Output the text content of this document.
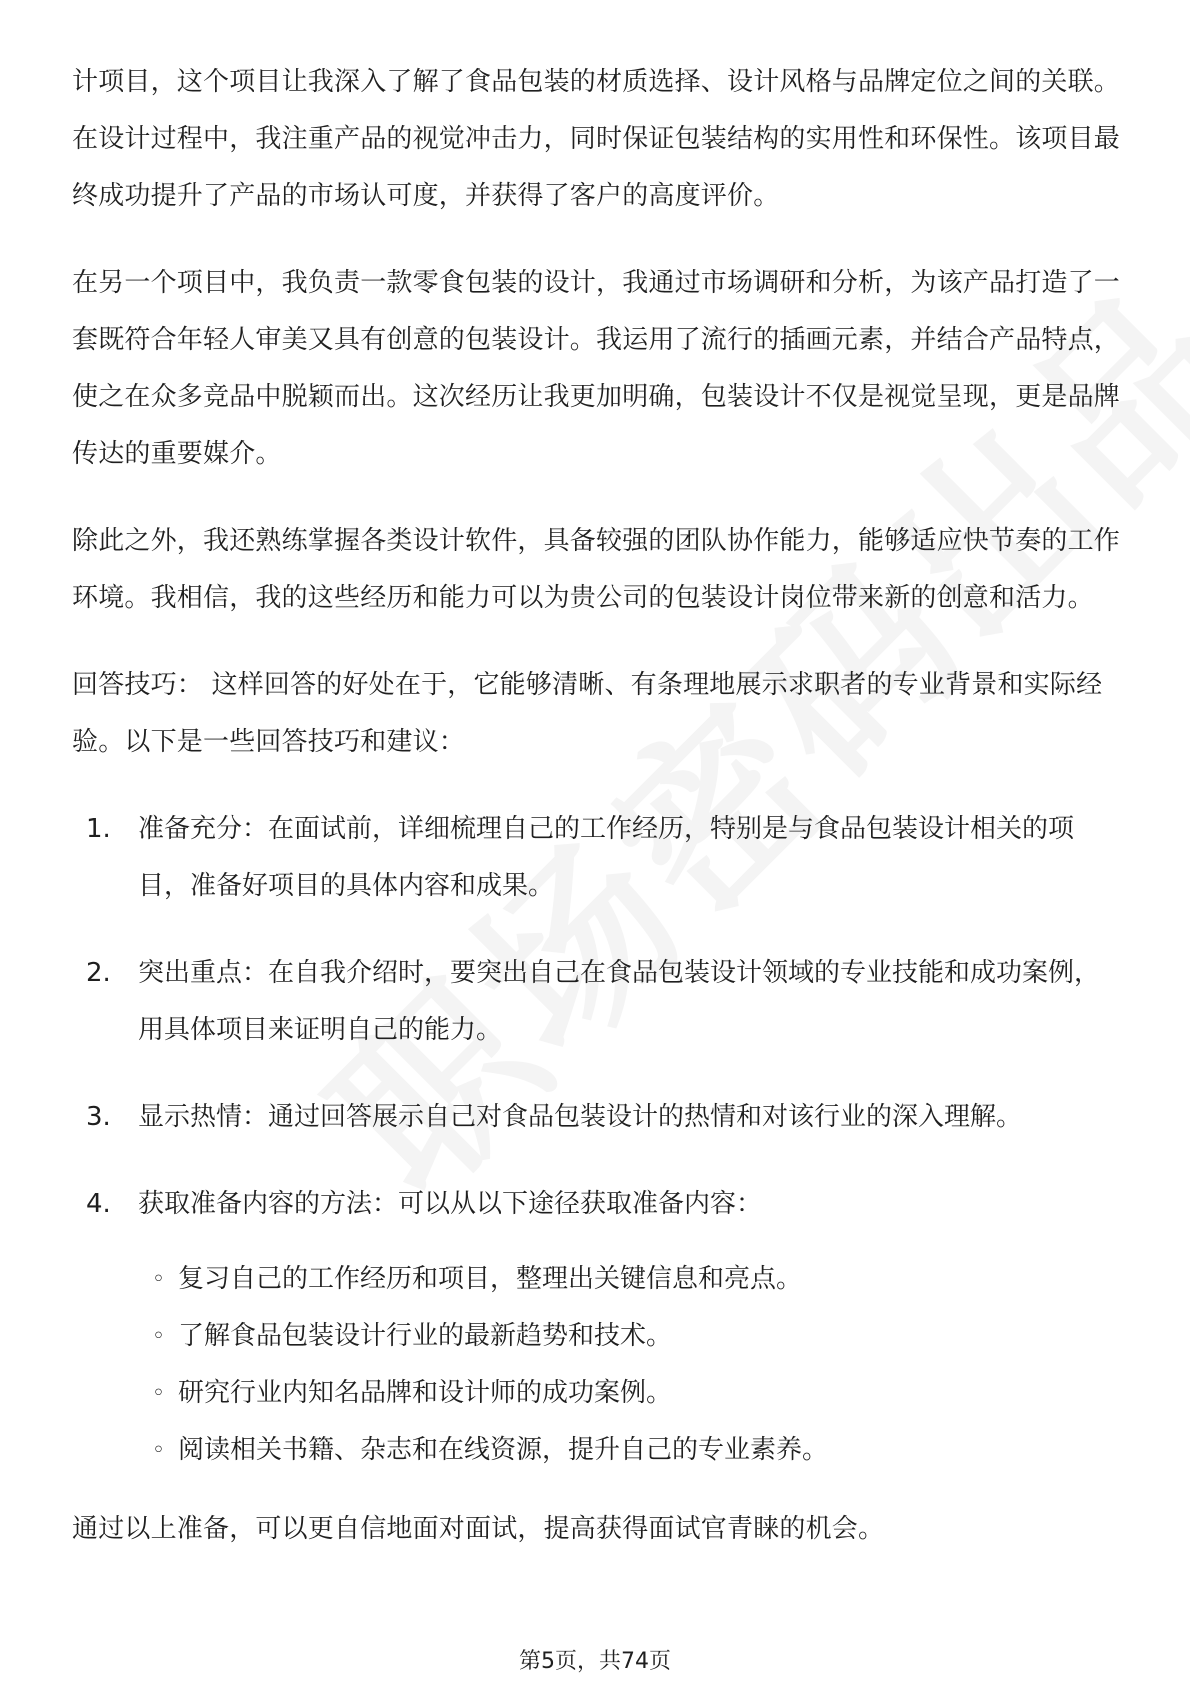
计项目，这个项目让我深入了解了食品包装的材质选择、设计风格与品牌定位之间的关联。在设计过程中，我注重产品的视觉冲击力，同时保证包装结构的实用性和环保性。该项目最终成功提升了产品的市场认可度，并获得了客户的高度评价。

在另一个项目中，我负责一款零食包装的设计，我通过市场调研和分析，为该产品打造了一套既符合年轻人审美又具有创意的包装设计。我运用了流行的插画元素，并结合产品特点，使之在众多竞品中脱颖而出。这次经历让我更加明确，包装设计不仅是视觉呈现，更是品牌传达的重要媒介。

除此之外，我还熟练掌握各类设计软件，具备较强的团队协作能力，能够适应快节奏的工作环境。我相信，我的这些经历和能力可以为贵公司的包装设计岗位带来新的创意和活力。

回答技巧： 这样回答的好处在于，它能够清晰、有条理地展示求职者的专业背景和实际经验。以下是一些回答技巧和建议：

1. 准备充分：在面试前，详细梳理自己的工作经历，特别是与食品包装设计相关的项目，准备好项目的具体内容和成果。
2. 突出重点：在自我介绍时，要突出自己在食品包装设计领域的专业技能和成功案例，用具体项目来证明自己的能力。
3. 显示热情：通过回答展示自己对食品包装设计的热情和对该行业的深入理解。
4. 获取准备内容的方法：可以从以下途径获取准备内容：
◦ 复习自己的工作经历和项目，整理出关键信息和亮点。
◦ 了解食品包装设计行业的最新趋势和技术。
◦ 研究行业内知名品牌和设计师的成功案例。
◦ 阅读相关书籍、杂志和在线资源，提升自己的专业素养。

通过以上准备，可以更自信地面对面试，提高获得面试官青睐的机会。

第5页，共74页
